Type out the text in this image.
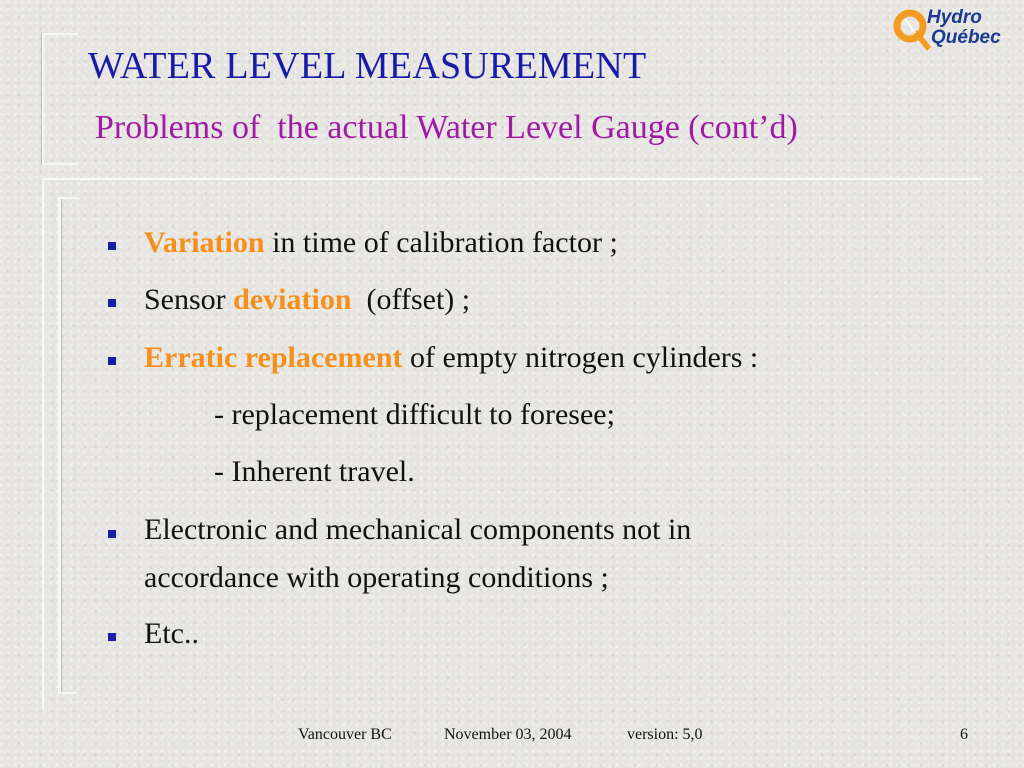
WATER LEVEL MEASUREMENT
Problems of  the actual Water Level Gauge (cont’d)
Hydro
Québec
Variation in time of calibration factor ;
Sensor deviation  (offset) ;
Erratic replacement of empty nitrogen cylinders :
- replacement difficult to foresee;
- Inherent travel.
Electronic and mechanical components not in
accordance with operating conditions ;
Etc..
Vancouver BC	November 03, 2004	version: 5,0	6
